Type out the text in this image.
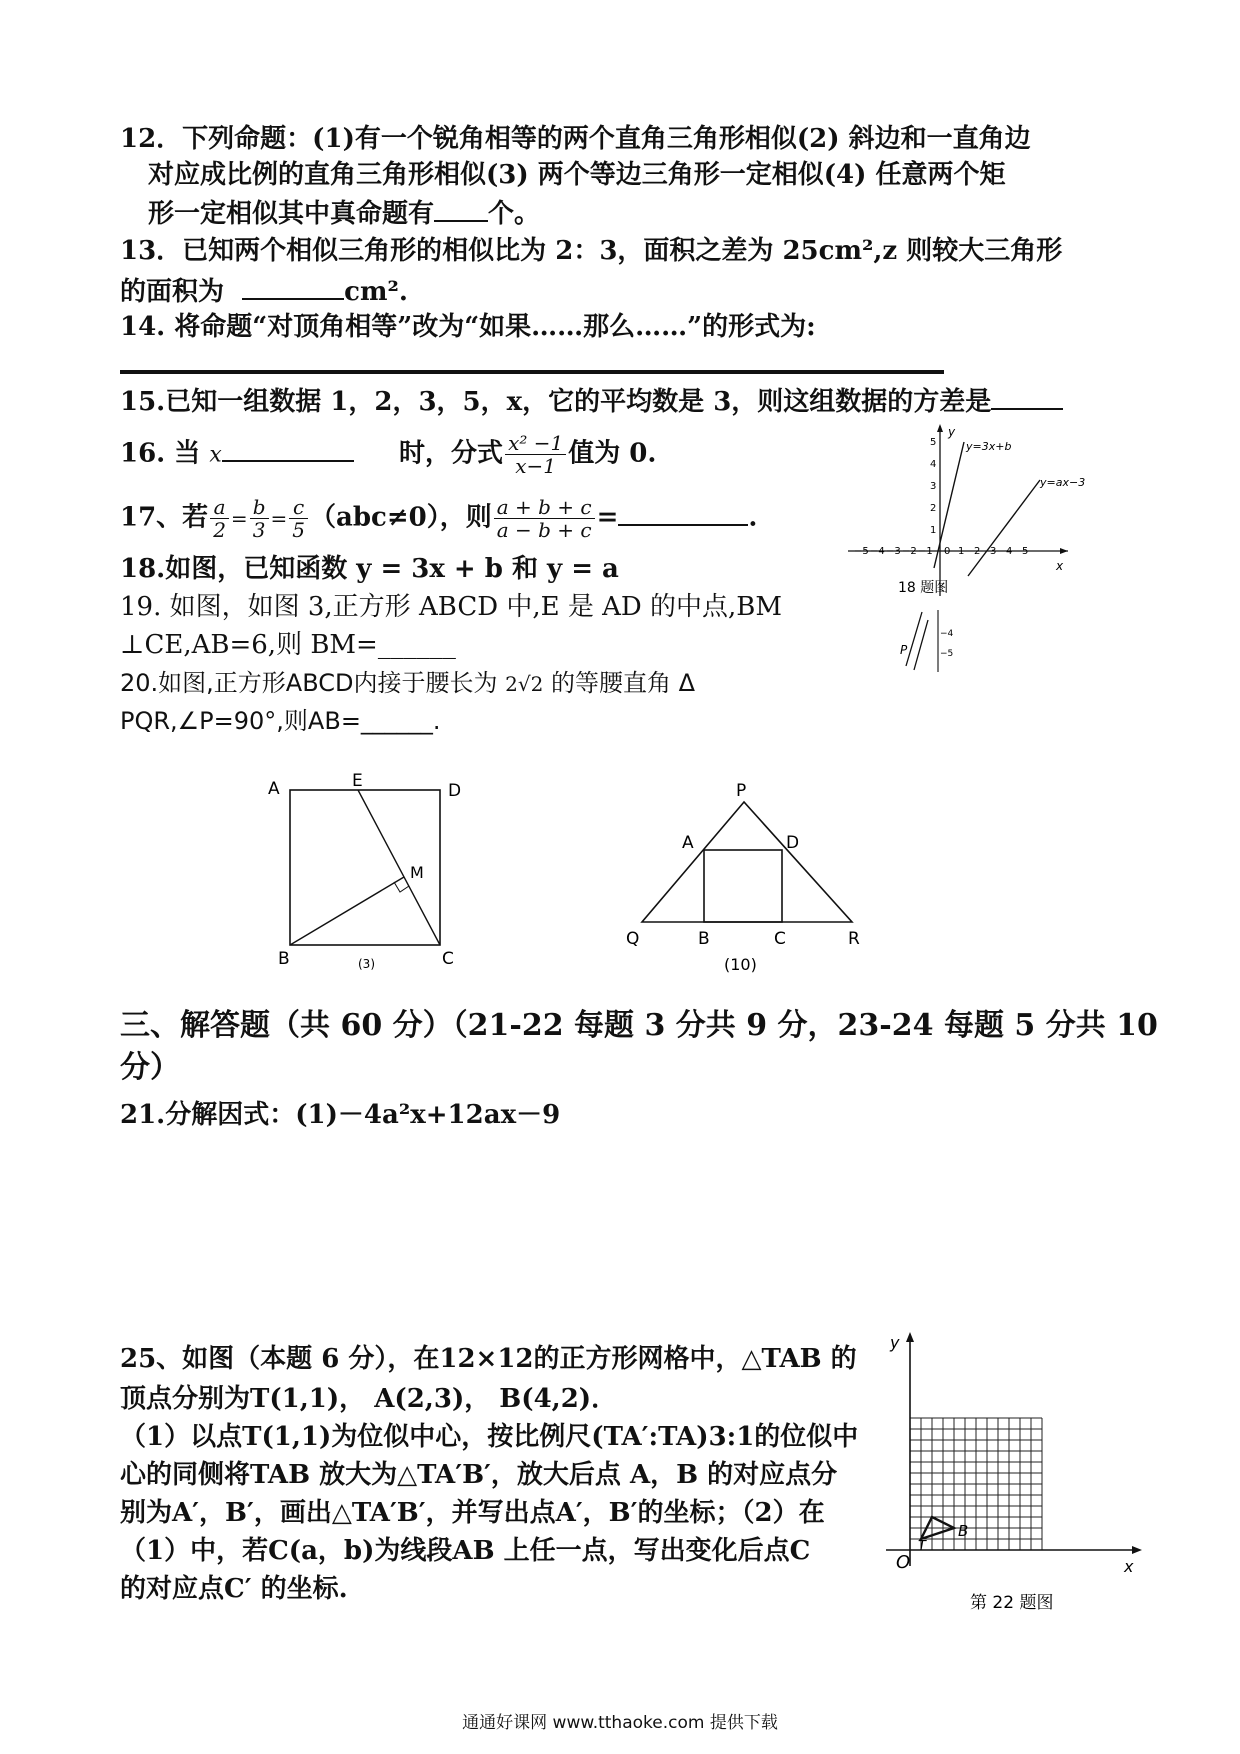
12．下列命题：(1)有一个锐角相等的两个直角三角形相似(2) 斜边和一直角边
对应成比例的直角三角形相似(3) 两个等边三角形一定相似(4) 任意两个矩
形一定相似其中真命题有 个。
13．已知两个相似三角形的相似比为 2：3，面积之差为 25cm²,z 则较大三角形
的面积为	cm².
14. 将命题“对顶角相等”改为“如果……那么……”的形式为:
15.已知一组数据 1，2，3，5，x，它的平均数是 3，则这组数据的方差是
16. 当 x	时，分式 $\frac{\text{x² −1}}{x-1}$ 值为 0.
17、若 $\frac{a}{2} = \frac{b}{3} = \frac{c}{5} (abc\ne 0)$，则 $\frac{a + b + c}{a - b + c}$ =	.
18.如图，已知函数 y = 3x + b 和 y = a
19. 如图，如图 3,正方形 ABCD 中,E 是 AD 的中点,BM
⊥CE,AB=6,则 BM=______
20.如图,正方形ABCD内接于腰长为 2√2 的等腰直角 Δ
PQR,∠P=90°,则AB=______.
y
x
−5 −4 −3 −2 −1 0 1 2 3 4 5
1
2
3
4
5	y=3x+b
y=ax−3
18 题图
P
−4
−5
A	E	D
M
B	C
(3)
P
A	D
Q	B	C	R
(10)
三、解答题（共 60 分）（21-22 每题 3 分共 9 分，23-24 每题 5 分共 10
分）
21.分解因式：(1)－4a²x+12ax－9
25、如图（本题 6 分），在12×12的正方形网格中，△TAB 的
顶点分别为T(1,1)， A(2,3)， B(4,2)．
（1）以点T(1,1)为位似中心，按比例尺(TA′:TA)3:1的位似中
心的同侧将TAB 放大为△TA′B′，放大后点 A，B 的对应点分
别为A′，B′，画出△TA′B′，并写出点A′，B′的坐标；（2）在
（1）中，若C(a，b)为线段AB 上任一点，写出变化后点C
的对应点C′ 的坐标.
y
x
O
T
B
第 22 题图
通通好课网 www.tthaoke.com 提供下载
